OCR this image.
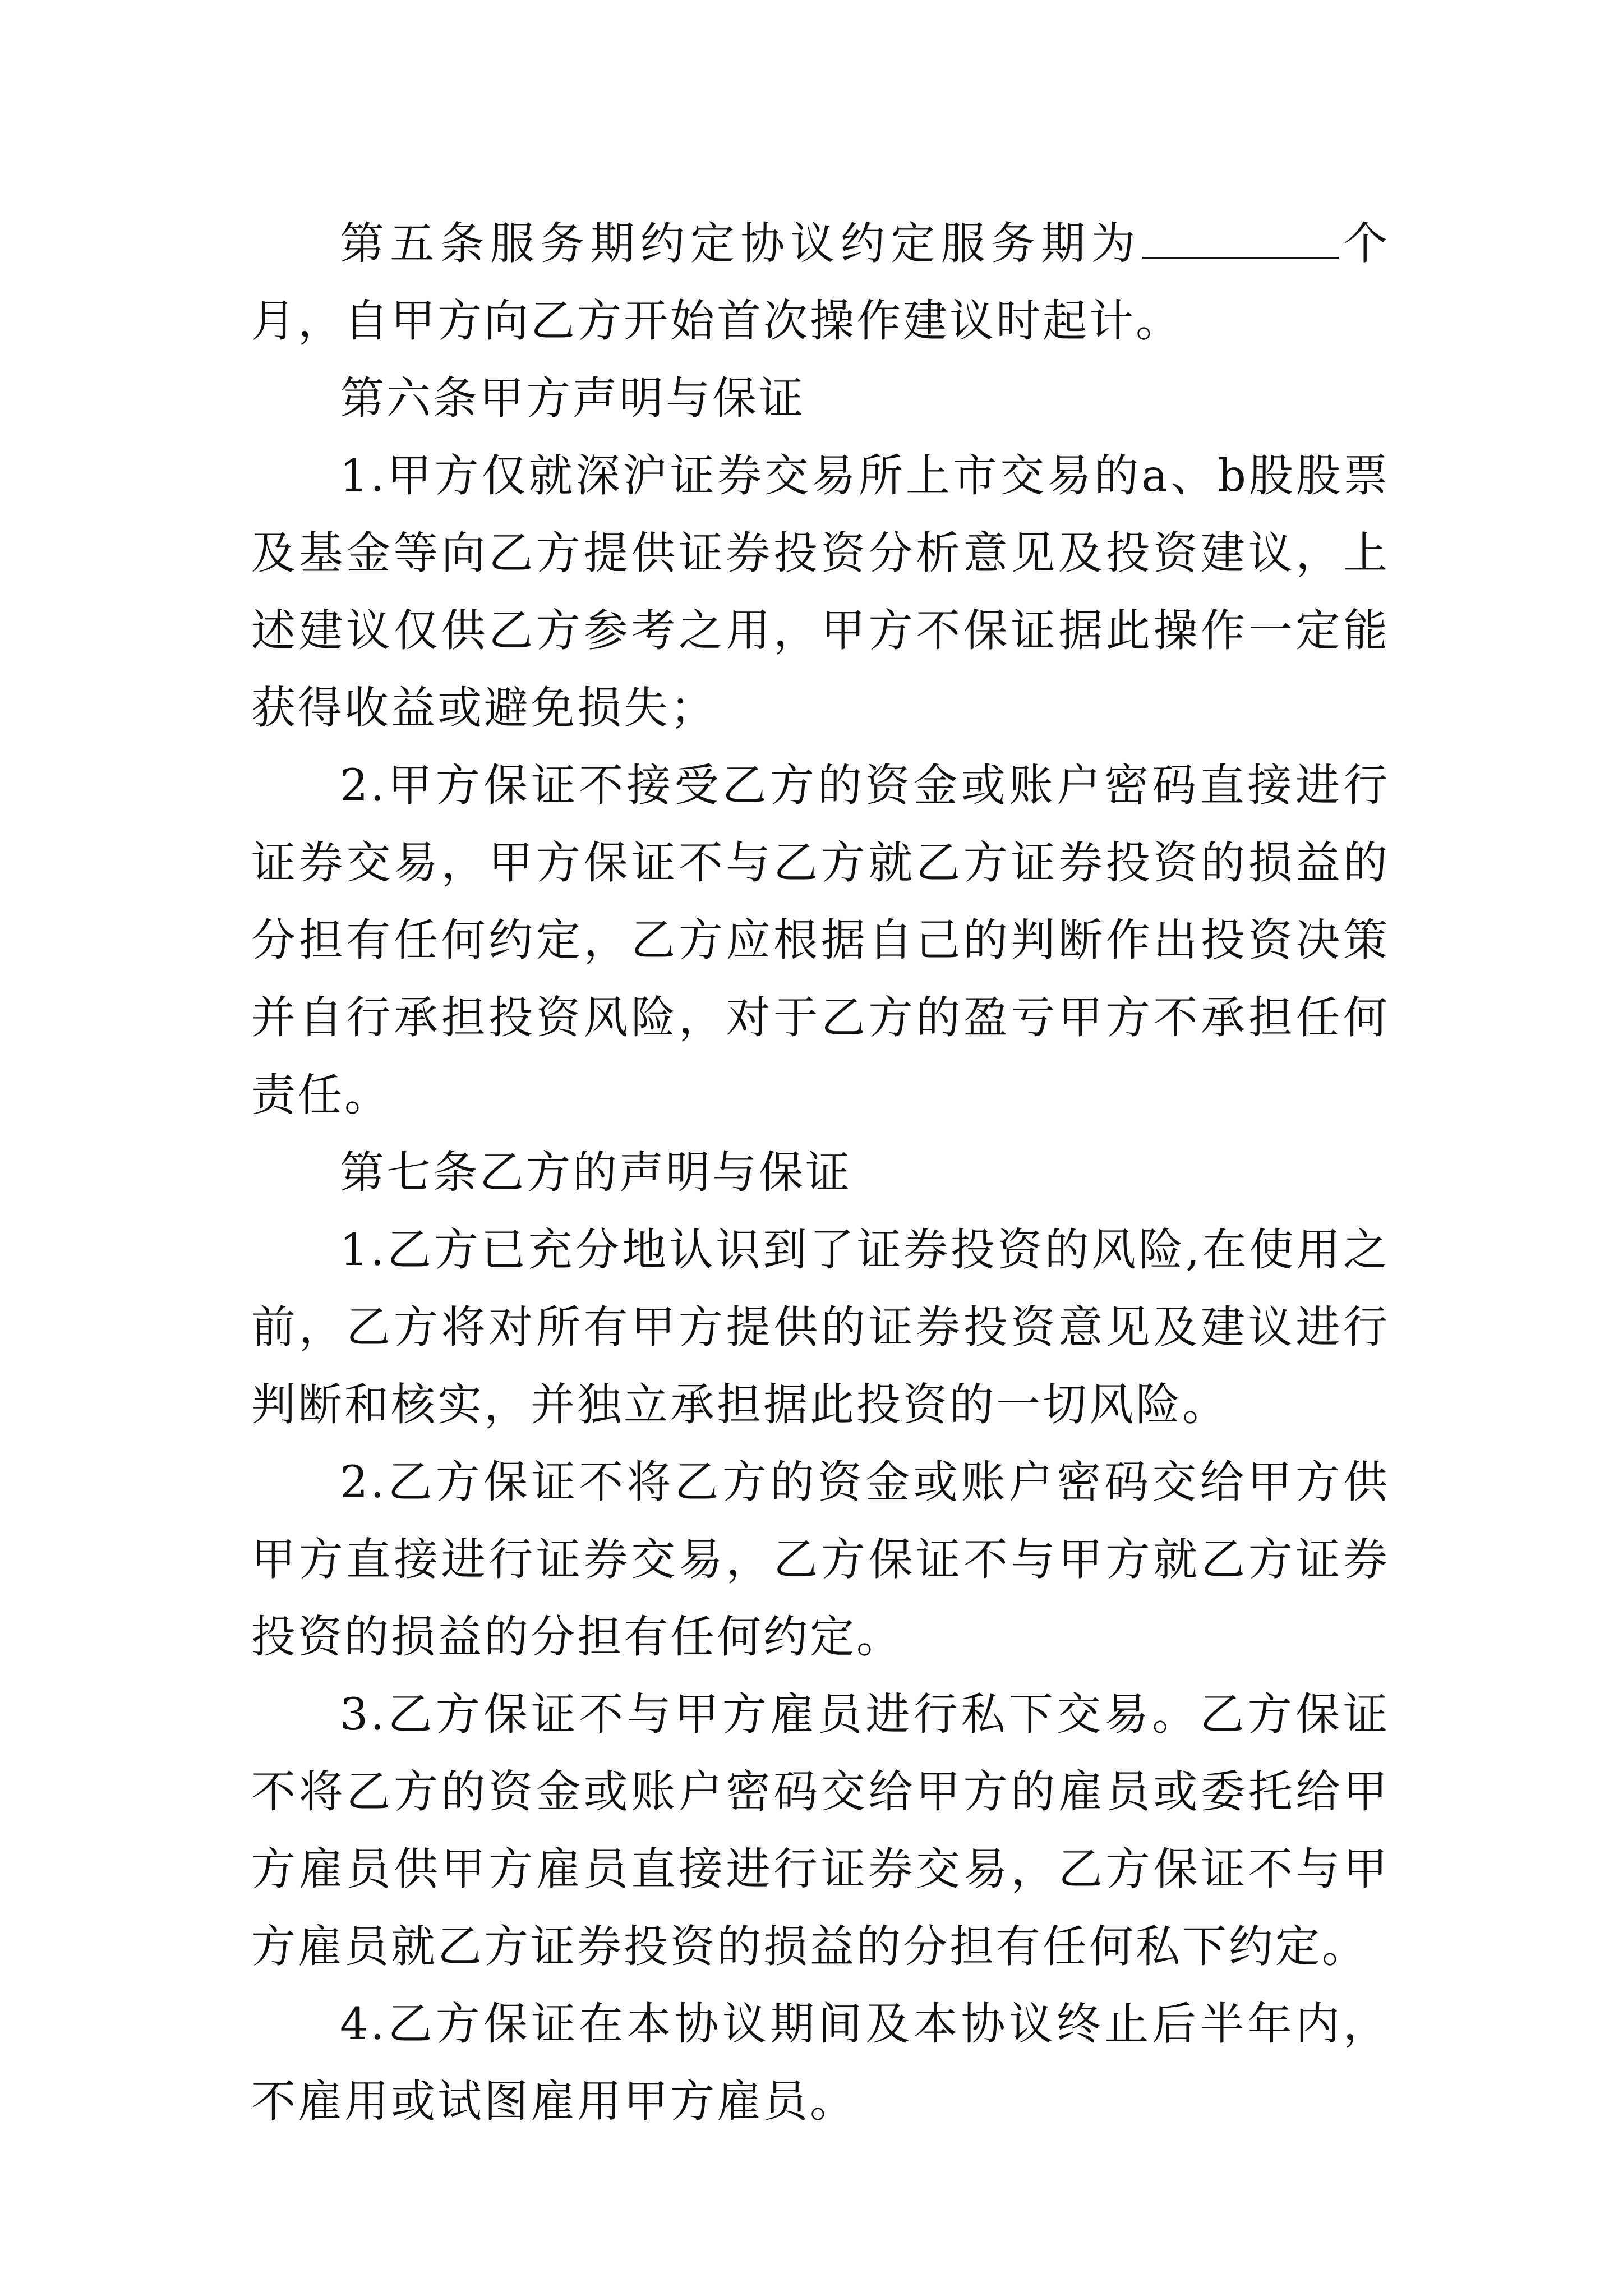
第五条服务期约定协议约定服务期为	个月，自甲方向乙方开始首次操作建议时起计。

第六条甲方声明与保证

1.甲方仅就深沪证券交易所上市交易的a、b股股票及基金等向乙方提供证券投资分析意见及投资建议，上述建议仅供乙方参考之用，甲方不保证据此操作一定能获得收益或避免损失；

2.甲方保证不接受乙方的资金或账户密码直接进行证券交易，甲方保证不与乙方就乙方证券投资的损益的分担有任何约定，乙方应根据自己的判断作出投资决策并自行承担投资风险，对于乙方的盈亏甲方不承担任何责任。

第七条乙方的声明与保证

1.乙方已充分地认识到了证券投资的风险,在使用之前，乙方将对所有甲方提供的证券投资意见及建议进行判断和核实，并独立承担据此投资的一切风险。

2.乙方保证不将乙方的资金或账户密码交给甲方供甲方直接进行证券交易，乙方保证不与甲方就乙方证券投资的损益的分担有任何约定。

3.乙方保证不与甲方雇员进行私下交易。乙方保证不将乙方的资金或账户密码交给甲方的雇员或委托给甲方雇员供甲方雇员直接进行证券交易，乙方保证不与甲方雇员就乙方证券投资的损益的分担有任何私下约定。

4.乙方保证在本协议期间及本协议终止后半年内，不雇用或试图雇用甲方雇员。
